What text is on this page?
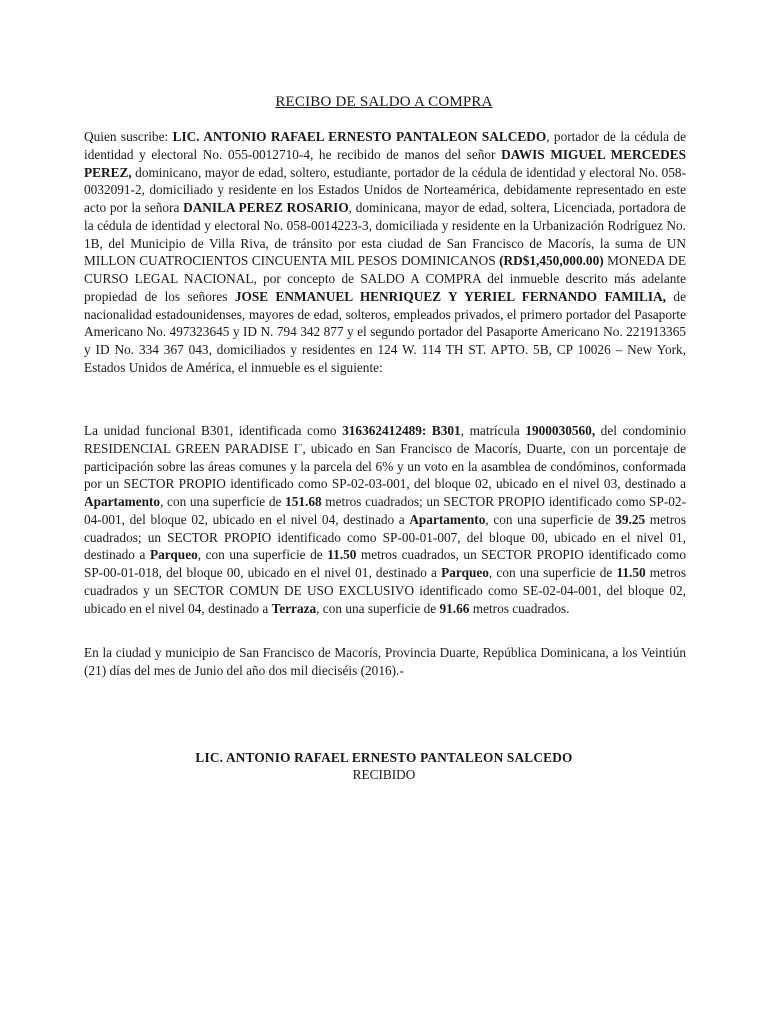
RECIBO DE SALDO A COMPRA

Quien suscribe: LIC. ANTONIO RAFAEL ERNESTO PANTALEON SALCEDO, portador de la cédula de identidad y electoral No. 055-0012710-4, he recibido de manos del señor DAWIS MIGUEL MERCEDES PEREZ, dominicano, mayor de edad, soltero, estudiante, portador de la cédula de identidad y electoral No. 058-0032091-2, domiciliado y residente en los Estados Unidos de Norteamérica, debidamente representado en este acto por la señora DANILA PEREZ ROSARIO, dominicana, mayor de edad, soltera, Licenciada, portadora de la cédula de identidad y electoral No. 058-0014223-3, domiciliada y residente en la Urbanización Rodríguez No. 1B, del Municipio de Villa Riva, de tránsito por esta ciudad de San Francisco de Macorís, la suma de UN MILLON CUATROCIENTOS CINCUENTA MIL PESOS DOMINICANOS (RD$1,450,000.00) MONEDA DE CURSO LEGAL NACIONAL, por concepto de SALDO A COMPRA del inmueble descrito más adelante propiedad de los señores JOSE ENMANUEL HENRIQUEZ Y YERIEL FERNANDO FAMILIA, de nacionalidad estadounidenses, mayores de edad, solteros, empleados privados, el primero portador del Pasaporte Americano No. 497323645 y ID N. 794 342 877 y el segundo portador del Pasaporte Americano No. 221913365 y ID No. 334 367 043, domiciliados y residentes en 124 W. 114 TH ST. APTO. 5B, CP 10026 – New York, Estados Unidos de América, el inmueble es el siguiente:

La unidad funcional B301, identificada como 316362412489: B301, matrícula 1900030560, del condominio RESIDENCIAL GREEN PARADISE I¨, ubicado en San Francisco de Macorís, Duarte, con un porcentaje de participación sobre las áreas comunes y la parcela del 6% y un voto en la asamblea de condóminos, conformada por un SECTOR PROPIO identificado como SP-02-03-001, del bloque 02, ubicado en el nivel 03, destinado a Apartamento, con una superficie de 151.68 metros cuadrados; un SECTOR PROPIO identificado como SP-02-04-001, del bloque 02, ubicado en el nivel 04, destinado a Apartamento, con una superficie de 39.25 metros cuadrados; un SECTOR PROPIO identificado como SP-00-01-007, del bloque 00, ubicado en el nivel 01, destinado a Parqueo, con una superficie de 11.50 metros cuadrados, un SECTOR PROPIO identificado como SP-00-01-018, del bloque 00, ubicado en el nivel 01, destinado a Parqueo, con una superficie de 11.50 metros cuadrados y un SECTOR COMUN DE USO EXCLUSIVO identificado como SE-02-04-001, del bloque 02, ubicado en el nivel 04, destinado a Terraza, con una superficie de 91.66 metros cuadrados.

En la ciudad y municipio de San Francisco de Macorís, Provincia Duarte, República Dominicana, a los Veintiún (21) días del mes de Junio del año dos mil dieciséis (2016).-

LIC. ANTONIO RAFAEL ERNESTO PANTALEON SALCEDO
RECIBIDO
